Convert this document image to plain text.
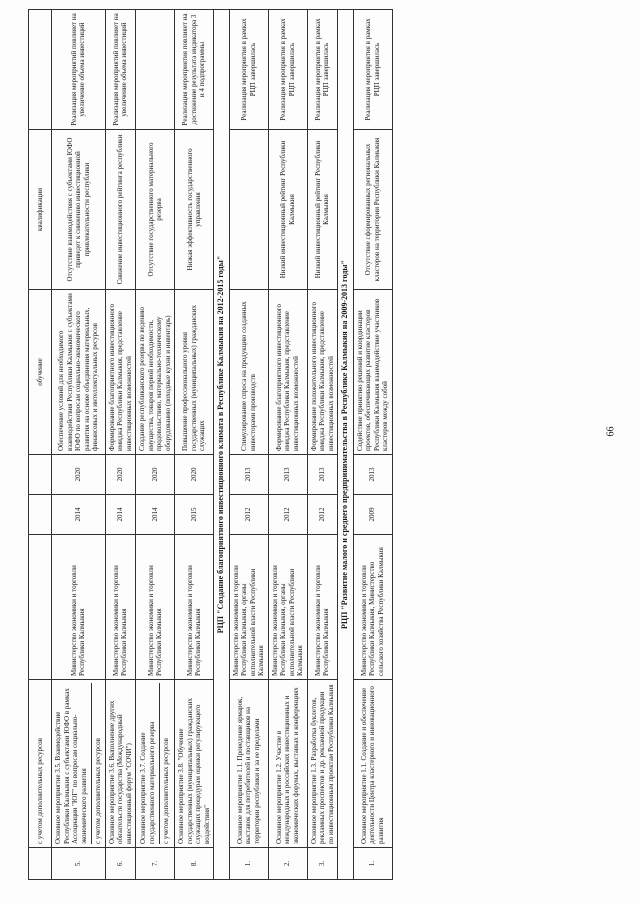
	с учетом дополнительных ресурсов				обучение	квалификации	
5.	Основное мероприятие 3.5. Взаимодействие Республики Калмыкия с субъектами ЮФО в рамках Ассоциации "ЮГ" по вопросам социально-экономического развития с учетом дополнительных ресурсов	Министерство экономики и торговли Республики Калмыкия	2014	2020	Обеспечение условий для необходимого взаимодействия Республики Калмыкия с субъектами ЮФО по вопросам социально-экономического развития на основе объединения материальных, финансовых и интеллектуальных ресурсов	Отсутствие взаимодействия с субъектами ЮФО приведет к снижению инвестиционной привлекательности республики	Реализация мероприятий повлияет на увеличение объема инвестиций
6.	Основное мероприятие 3.6. Выполнение других обязательств государства (Международный инвестиционный форум "СОЧИ")	Министерство экономики и торговли Республики Калмыкия	2014	2020	Формирование благоприятного инвестиционного имиджа Республики Калмыкия, представление инвестиционных возможностей	Снижение инвестиционного рейтинга республики	Реализация мероприятий повлияет на увеличение объема инвестиций
7.	Основное мероприятие 3.7. Создание государственного материального резерва с учетом дополнительных ресурсов	Министерство экономики и торговли Республики Калмыкия	2014	2020	Создание республиканского резерва по ведению имущества, товаров первой необходимости, продовольствию, материально-техническому оборудованию (походные кухни и инвентарь)	Отсутствие государственного материального резерва	
8.	Основное мероприятие 3.8. "Обучение государственных (муниципальных) гражданских служащих процедурам оценки регулирующего воздействия"	Министерство экономики и торговли Республики Калмыкия	2015	2020	Повышение профессионального уровня государственных (муниципальных) гражданских служащих	Низкая эффективность государственного управления	Реализация мероприятия повлияет на достижение результата индикатора 3 и 4 подпрограммы
РЦП "Создание благоприятного инвестиционного климата в Республике Калмыкия на 2012-2015 годы"							
1.	Основное мероприятие 1.1. Проведение ярмарок, выставок для потребителей и поставщиков на территории республики и за ее пределами	Министерство экономики и торговли Республики Калмыкия, органы исполнительной власти Республики Калмыкия	2012	2013	Стимулирование спроса на продукцию созданных инвесторами производств		Реализация мероприятия в рамках РЦП завершилась
2.	Основное мероприятие 1.2. Участие в международных и российских инвестиционных и экономических форумах, выставках и конференциях	Министерство экономики и торговли Республики Калмыкия, органы исполнительной власти Республики Калмыкия	2012	2013	Формирование благоприятного инвестиционного имиджа Республики Калмыкия, представление инвестиционных возможностей	Низкий инвестиционный рейтинг Республики Калмыкия	Реализация мероприятия в рамках РЦП завершилась
3.	Основное мероприятие 1.3. Разработка буклетов, рекламных проспектов и др. рекламной продукции по инвестиционным проектам Республики Калмыкия	Министерство экономики и торговли Республики Калмыкия	2012	2013	Формирование положительного инвестиционного имиджа Республики Калмыкия, представление инвестиционных возможностей	Низкий инвестиционный рейтинг Республики Калмыкия	Реализация мероприятия в рамках РЦП завершилась
РЦП "Развитие малого и среднего предпринимательства в Республике Калмыкия на 2009-2013 годы"							
1.	Основное мероприятие 1.1. Создание и обеспечение деятельности Центра кластерного и инновационного развития	Министерство экономики и торговли Республики Калмыкия, Министерство сельского хозяйства Республики Калмыкия	2009	2013	Содействие принятию решений и координации проектов, обеспечивающих развитие кластеров Республики Калмыкия взаимодействие участников кластеров между собой	Отсутствие сформированных региональных кластеров на территории Республики Калмыкия	Реализация мероприятия в рамках РЦП завершилась
66
